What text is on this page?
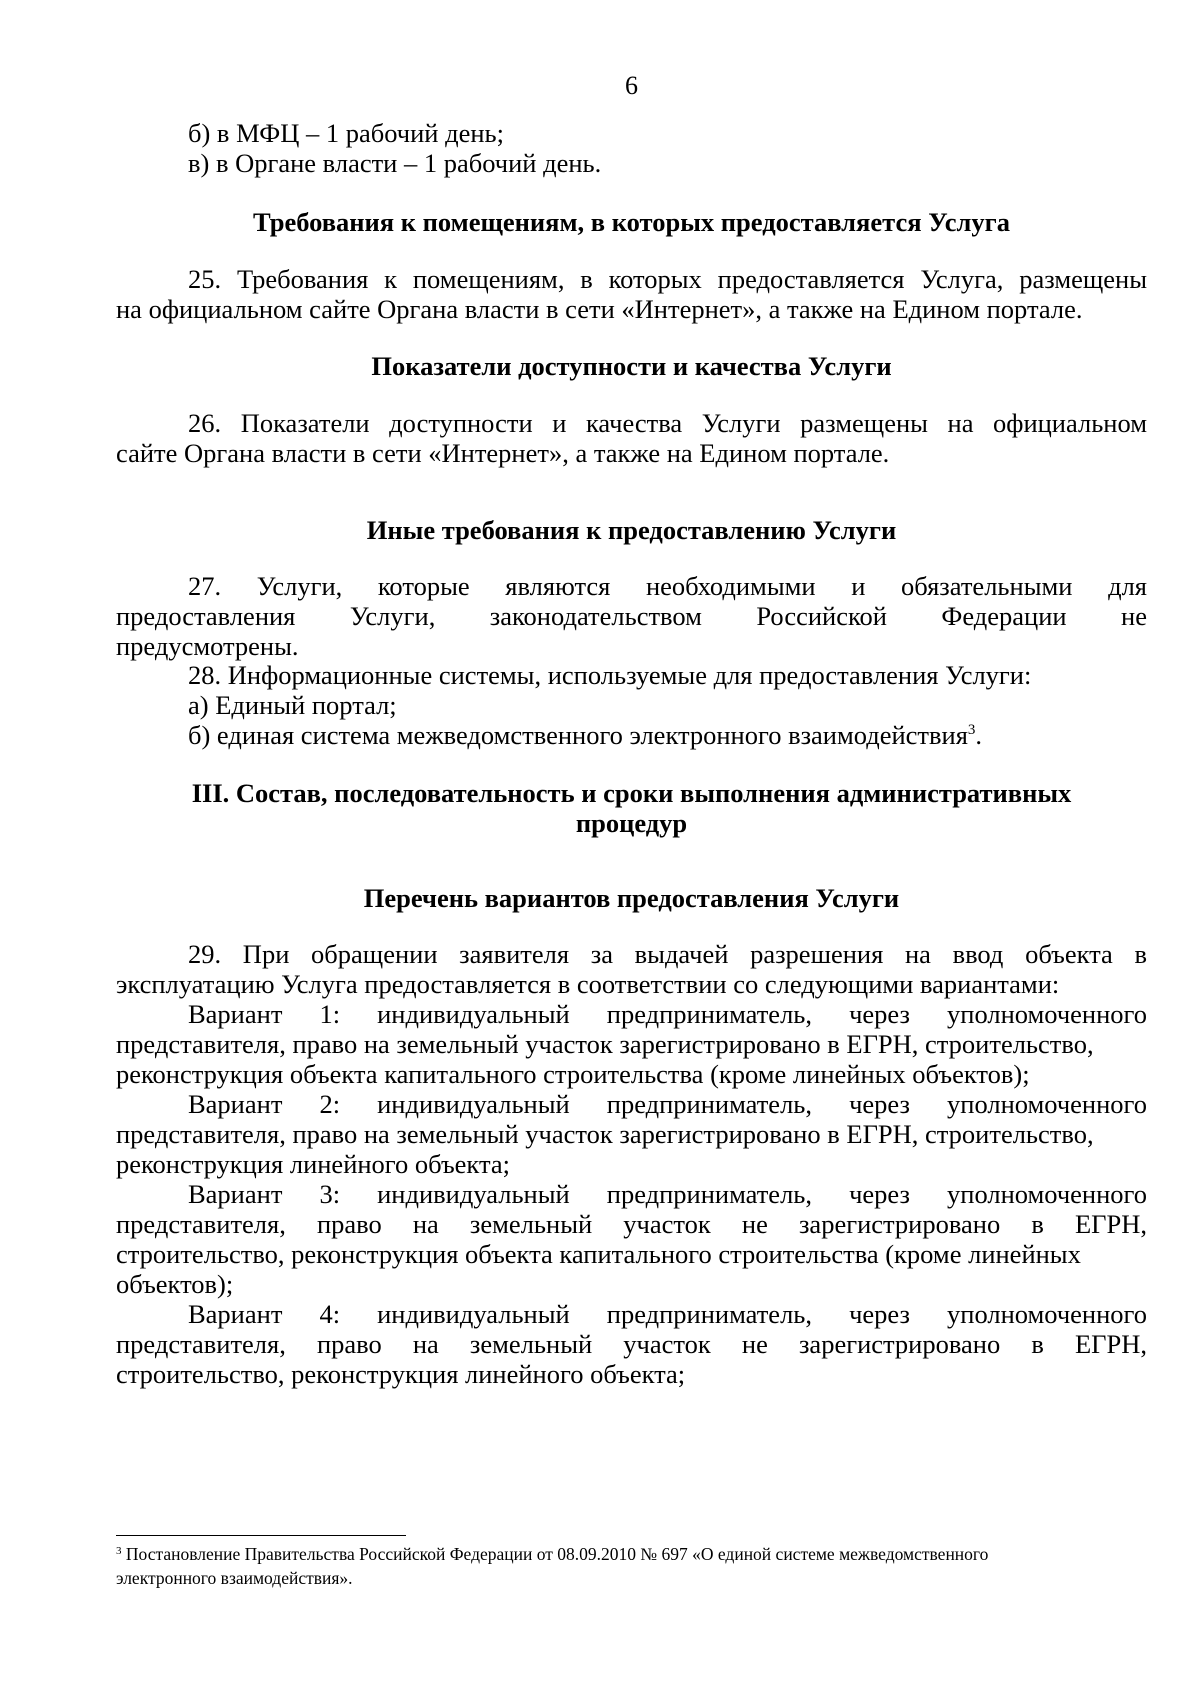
6
б) в МФЦ – 1 рабочий день;
в) в Органе власти – 1 рабочий день.
Требования к помещениям, в которых предоставляется Услуга
25. Требования к помещениям, в которых предоставляется Услуга, размещены
на официальном сайте Органа власти в сети «Интернет», а также на Едином портале.
Показатели доступности и качества Услуги
26. Показатели доступности и качества Услуги размещены на официальном
сайте Органа власти в сети «Интернет», а также на Едином портале.
Иные требования к предоставлению Услуги
27. Услуги, которые являются необходимыми и обязательными для
предоставления Услуги, законодательством Российской Федерации не
предусмотрены.
28. Информационные системы, используемые для предоставления Услуги:
а) Единый портал;
б) единая система межведомственного электронного взаимодействия$^3$.
III. Состав, последовательность и сроки выполнения административных
процедур
Перечень вариантов предоставления Услуги
29. При обращении заявителя за выдачей разрешения на ввод объекта в
эксплуатацию Услуга предоставляется в соответствии со следующими вариантами:
Вариант 1: индивидуальный предприниматель, через уполномоченного
представителя, право на земельный участок зарегистрировано в ЕГРН, строительство,
реконструкция объекта капитального строительства (кроме линейных объектов);
Вариант 2: индивидуальный предприниматель, через уполномоченного
представителя, право на земельный участок зарегистрировано в ЕГРН, строительство,
реконструкция линейного объекта;
Вариант 3: индивидуальный предприниматель, через уполномоченного
представителя, право на земельный участок не зарегистрировано в ЕГРН,
строительство, реконструкция объекта капитального строительства (кроме линейных
объектов);
Вариант 4: индивидуальный предприниматель, через уполномоченного
представителя, право на земельный участок не зарегистрировано в ЕГРН,
строительство, реконструкция линейного объекта;
$^3$ Постановление Правительства Российской Федерации от 08.09.2010 № 697 «О единой системе межведомственного
электронного взаимодействия».
